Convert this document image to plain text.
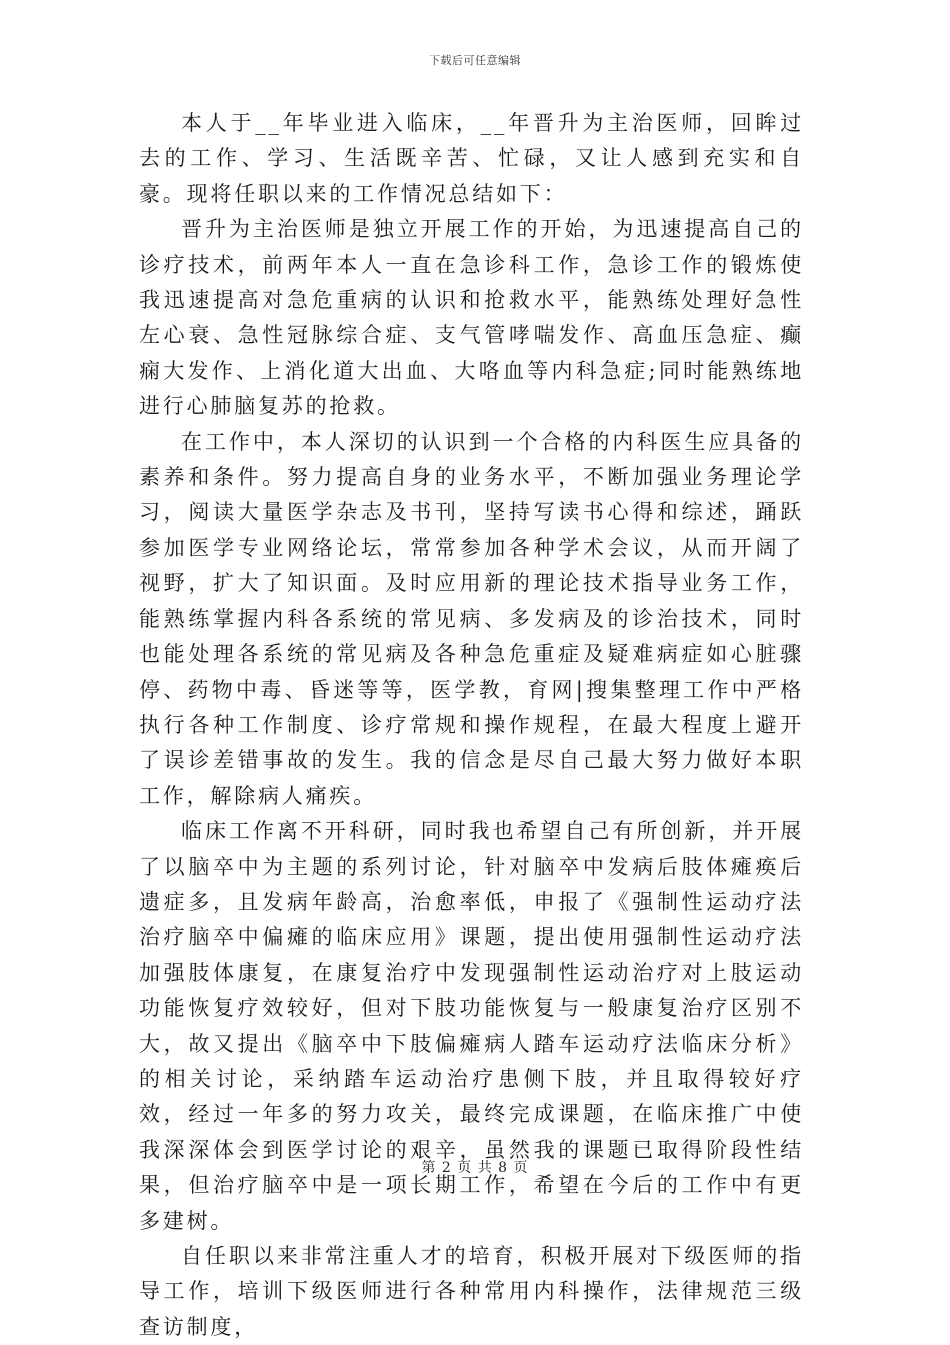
下载后可任意编辑

本人于__年毕业进入临床，__年晋升为主治医师，回眸过去的工作、学习、生活既辛苦、忙碌，又让人感到充实和自豪。现将任职以来的工作情况总结如下：

晋升为主治医师是独立开展工作的开始，为迅速提高自己的诊疗技术，前两年本人一直在急诊科工作，急诊工作的锻炼使我迅速提高对急危重病的认识和抢救水平，能熟练处理好急性左心衰、急性冠脉综合症、支气管哮喘发作、高血压急症、癫痫大发作、上消化道大出血、大咯血等内科急症;同时能熟练地进行心肺脑复苏的抢救。

在工作中，本人深切的认识到一个合格的内科医生应具备的素养和条件。努力提高自身的业务水平，不断加强业务理论学习，阅读大量医学杂志及书刊，坚持写读书心得和综述，踊跃参加医学专业网络论坛，常常参加各种学术会议，从而开阔了视野，扩大了知识面。及时应用新的理论技术指导业务工作，能熟练掌握内科各系统的常见病、多发病及的诊治技术，同时也能处理各系统的常见病及各种急危重症及疑难病症如心脏骤停、药物中毒、昏迷等等，医学教，育网|搜集整理工作中严格执行各种工作制度、诊疗常规和操作规程，在最大程度上避开了误诊差错事故的发生。我的信念是尽自己最大努力做好本职工作，解除病人痛疾。

临床工作离不开科研，同时我也希望自己有所创新，并开展了以脑卒中为主题的系列讨论，针对脑卒中发病后肢体瘫痪后遗症多，且发病年龄高，治愈率低，申报了《强制性运动疗法治疗脑卒中偏瘫的临床应用》课题，提出使用强制性运动疗法加强肢体康复，在康复治疗中发现强制性运动治疗对上肢运动功能恢复疗效较好，但对下肢功能恢复与一般康复治疗区别不大，故又提出《脑卒中下肢偏瘫病人踏车运动疗法临床分析》的相关讨论，采纳踏车运动治疗患侧下肢，并且取得较好疗效，经过一年多的努力攻关，最终完成课题，在临床推广中使我深深体会到医学讨论的艰辛，虽然我的课题已取得阶段性结果，但治疗脑卒中是一项长期工作，希望在今后的工作中有更多建树。

自任职以来非常注重人才的培育，积极开展对下级医师的指导工作，培训下级医师进行各种常用内科操作，法律规范三级查访制度，

第 2 页 共 8 页
